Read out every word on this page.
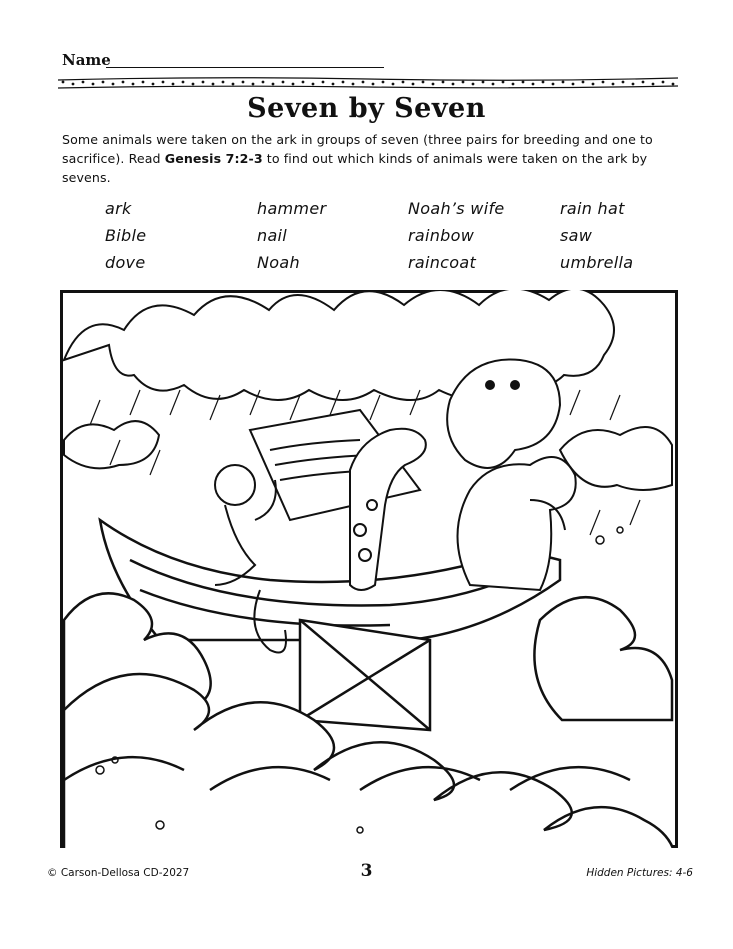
Name
Seven by Seven
Some animals were taken on the ark in groups of seven (three pairs for breeding and one to sacrifice). Read Genesis 7:2-3 to find out which kinds of animals were taken on the ark by sevens.
ark
Bible
dove
hammer
nail
Noah
Noah’s wife
rainbow
raincoat
rain hat
saw
umbrella
© Carson-Dellosa CD-2027	3	Hidden Pictures: 4-6
